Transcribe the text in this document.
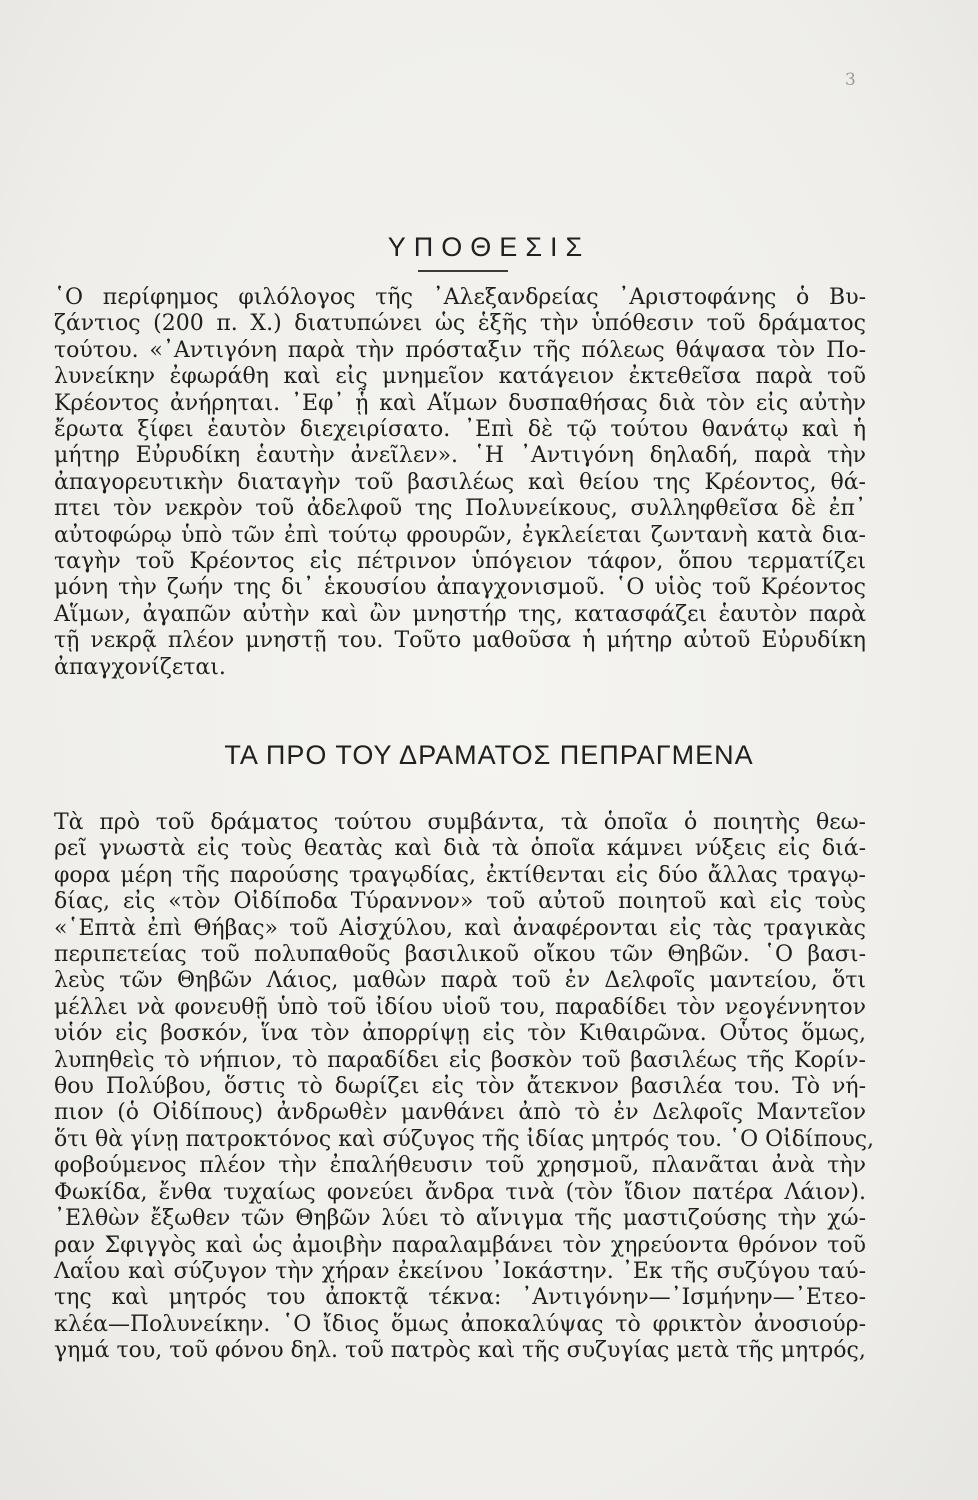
3
ΥΠΟΘΕΣΙΣ
῾Ο περίφημος φιλόλογος τῆς ᾿Αλεξανδρείας ᾿Αριστοφάνης ὁ Βυ-
ζάντιος (200 π. Χ.) διατυπώνει ὡς ἑξῆς τὴν ὑπόθεσιν τοῦ δράματος
τούτου. «᾿Αντιγόνη παρὰ τὴν πρόσταξιν τῆς πόλεως θάψασα τὸν Πο-
λυνείκην ἐφωράθη καὶ εἰς μνημεῖον κατάγειον ἐκτεθεῖσα παρὰ τοῦ
Κρέοντος ἀνήρηται. ᾿Εφ᾿ ᾗ καὶ Αἵμων δυσπαθήσας διὰ τὸν εἰς αὐτὴν
ἔρωτα ξίφει ἑαυτὸν διεχειρίσατο. ᾿Επὶ δὲ τῷ τούτου θανάτῳ καὶ ἡ
μήτηρ Εὐρυδίκη ἑαυτὴν ἀνεῖλεν». ῾Η ᾿Αντιγόνη δηλαδή, παρὰ τὴν
ἀπαγορευτικὴν διαταγὴν τοῦ βασιλέως καὶ θείου της Κρέοντος, θά-
πτει τὸν νεκρὸν τοῦ ἀδελφοῦ της Πολυνείκους, συλληφθεῖσα δὲ ἐπ᾿
αὐτοφώρῳ ὑπὸ τῶν ἐπὶ τούτῳ φρουρῶν, ἐγκλείεται ζωντανὴ κατὰ δια-
ταγὴν τοῦ Κρέοντος εἰς πέτρινον ὑπόγειον τάφον, ὅπου τερματίζει
μόνη τὴν ζωήν της δι᾿ ἑκουσίου ἀπαγχονισμοῦ. ῾Ο υἱὸς τοῦ Κρέοντος
Αἵμων, ἀγαπῶν αὐτὴν καὶ ὢν μνηστήρ της, κατασφάζει ἑαυτὸν παρὰ
τῇ νεκρᾷ πλέον μνηστῇ του. Τοῦτο μαθοῦσα ἡ μήτηρ αὐτοῦ Εὐρυδίκη
ἀπαγχονίζεται.
ΤΑ ΠΡΟ ΤΟΥ ΔΡΑΜΑΤΟΣ ΠΕΠΡΑΓΜΕΝΑ
Τὰ πρὸ τοῦ δράματος τούτου συμβάντα, τὰ ὁποῖα ὁ ποιητὴς θεω-
ρεῖ γνωστὰ εἰς τοὺς θεατὰς καὶ διὰ τὰ ὁποῖα κάμνει νύξεις εἰς διά-
φορα μέρη τῆς παρούσης τραγῳδίας, ἐκτίθενται εἰς δύο ἄλλας τραγῳ-
δίας, εἰς «τὸν Οἰδίποδα Τύραννον» τοῦ αὐτοῦ ποιητοῦ καὶ εἰς τοὺς
«῾Επτὰ ἐπὶ Θήβας» τοῦ Αἰσχύλου, καὶ ἀναφέρονται εἰς τὰς τραγικὰς
περιπετείας τοῦ πολυπαθοῦς βασιλικοῦ οἴκου τῶν Θηβῶν. ῾Ο βασι-
λεὺς τῶν Θηβῶν Λάιος, μαθὼν παρὰ τοῦ ἐν Δελφοῖς μαντείου, ὅτι
μέλλει νὰ φονευθῇ ὑπὸ τοῦ ἰδίου υἱοῦ του, παραδίδει τὸν νεογέννητον
υἱόν εἰς βοσκόν, ἵνα τὸν ἀπορρίψῃ εἰς τὸν Κιθαιρῶνα. Οὗτος ὅμως,
λυπηθεὶς τὸ νήπιον, τὸ παραδίδει εἰς βοσκὸν τοῦ βασιλέως τῆς Κορίν-
θου Πολύβου, ὅστις τὸ δωρίζει εἰς τὸν ἄτεκνον βασιλέα του. Τὸ νή-
πιον (ὁ Οἰδίπους) ἀνδρωθὲν μανθάνει ἀπὸ τὸ ἐν Δελφοῖς Μαντεῖον
ὅτι θὰ γίνῃ πατροκτόνος καὶ σύζυγος τῆς ἰδίας μητρός του. ῾Ο Οἰδίπους,
φοβούμενος πλέον τὴν ἐπαλήθευσιν τοῦ χρησμοῦ, πλανᾶται ἀνὰ τὴν
Φωκίδα, ἔνθα τυχαίως φονεύει ἄνδρα τινὰ (τὸν ἴδιον πατέρα Λάιον).
᾿Ελθὼν ἔξωθεν τῶν Θηβῶν λύει τὸ αἴνιγμα τῆς μαστιζούσης τὴν χώ-
ραν Σφιγγὸς καὶ ὡς ἀμοιβὴν παραλαμβάνει τὸν χηρεύοντα θρόνον τοῦ
Λαΐου καὶ σύζυγον τὴν χήραν ἐκείνου ᾿Ιοκάστην. ᾿Εκ τῆς συζύγου ταύ-
της καὶ μητρός του ἀποκτᾷ τέκνα: ᾿Αντιγόνην—᾿Ισμήνην—᾿Ετεο-
κλέα—Πολυνείκην. ῾Ο ἴδιος ὅμως ἀποκαλύψας τὸ φρικτὸν ἀνοσιούρ-
γημά του, τοῦ φόνου δηλ. τοῦ πατρὸς καὶ τῆς συζυγίας μετὰ τῆς μητρός,
